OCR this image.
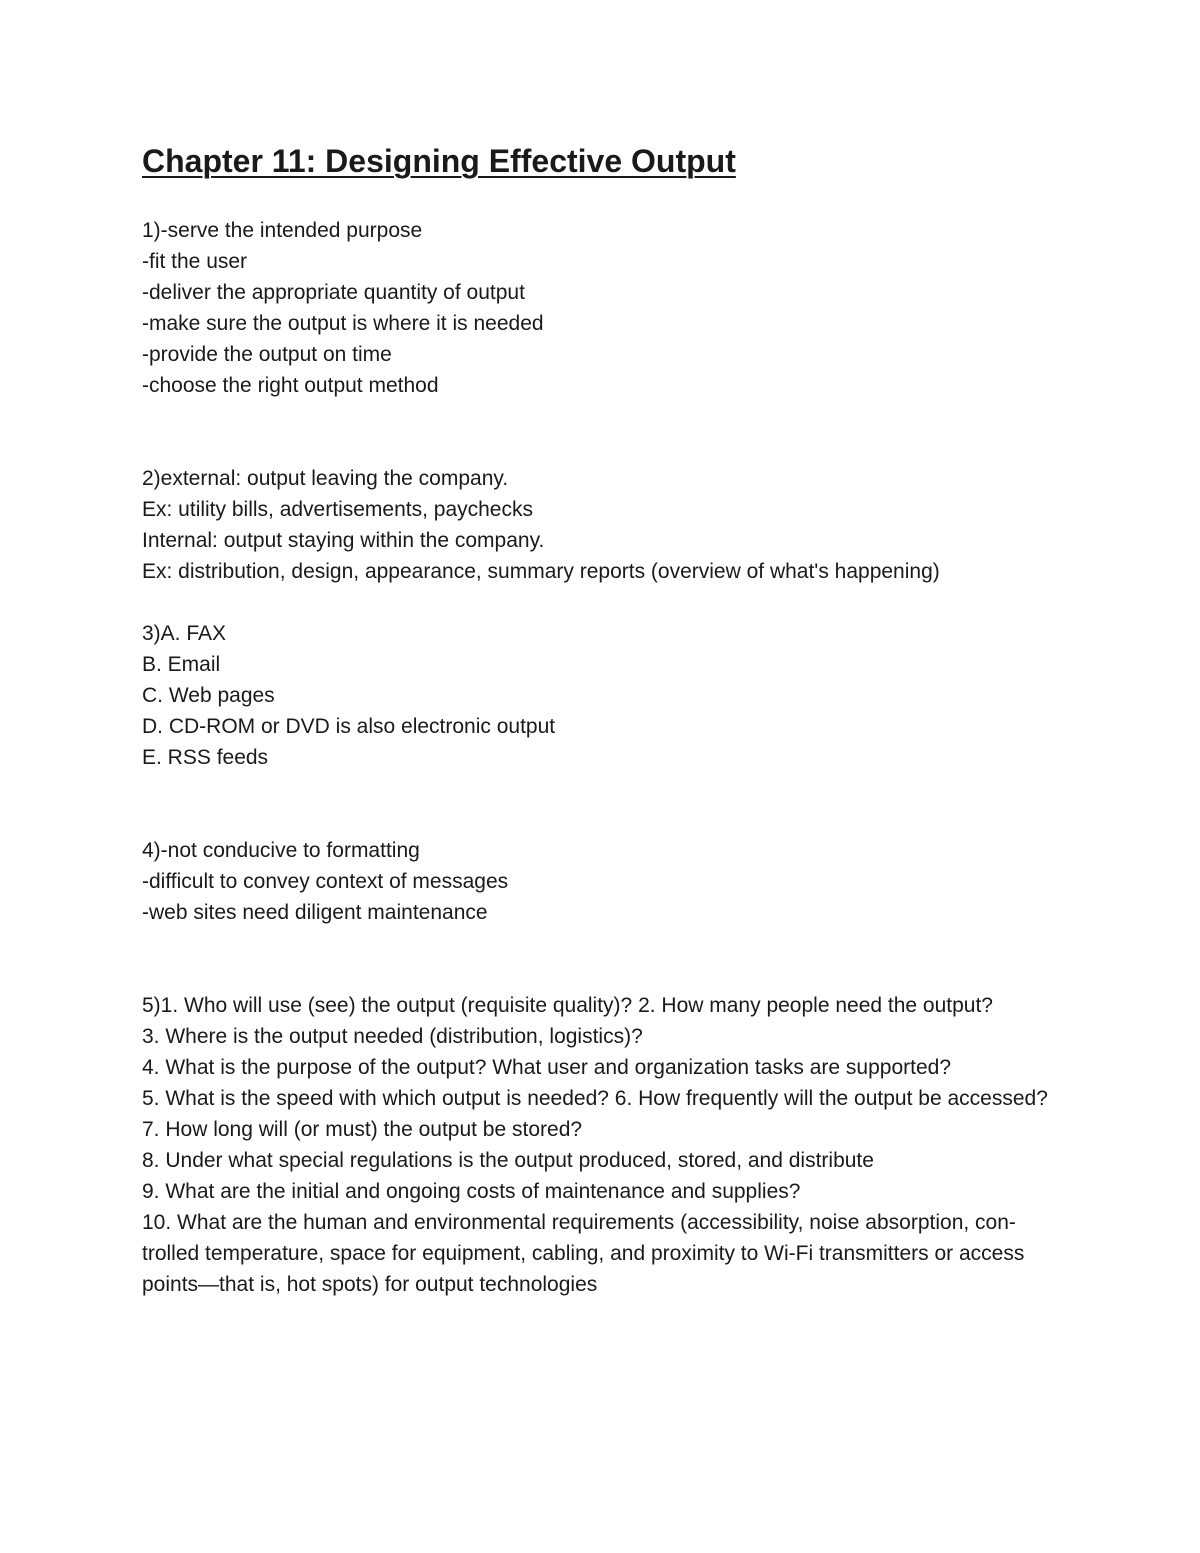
Chapter 11: Designing Effective Output

1)-serve the intended purpose

-fit the user

-deliver the appropriate quantity of output

-make sure the output is where it is needed

-provide the output on time

-choose the right output method

2)external: output leaving the company.

Ex: utility bills, advertisements, paychecks

Internal: output staying within the company.

Ex: distribution, design, appearance, summary reports (overview of what's happening)

3)A. FAX

B. Email

C. Web pages

D. CD-ROM or DVD is also electronic output

E. RSS feeds

4)-not conducive to formatting

-difficult to convey context of messages

-web sites need diligent maintenance

5)1. Who will use (see) the output (requisite quality)? 2. How many people need the output?

3. Where is the output needed (distribution, logistics)?

4. What is the purpose of the output? What user and organization tasks are supported?

5. What is the speed with which output is needed? 6. How frequently will the output be accessed?

7. How long will (or must) the output be stored?

8. Under what special regulations is the output produced, stored, and distribute

9. What are the initial and ongoing costs of maintenance and supplies?

10. What are the human and environmental requirements (accessibility, noise absorption, con-trolled temperature, space for equipment, cabling, and proximity to Wi-Fi transmitters or access points—that is, hot spots) for output technologies
